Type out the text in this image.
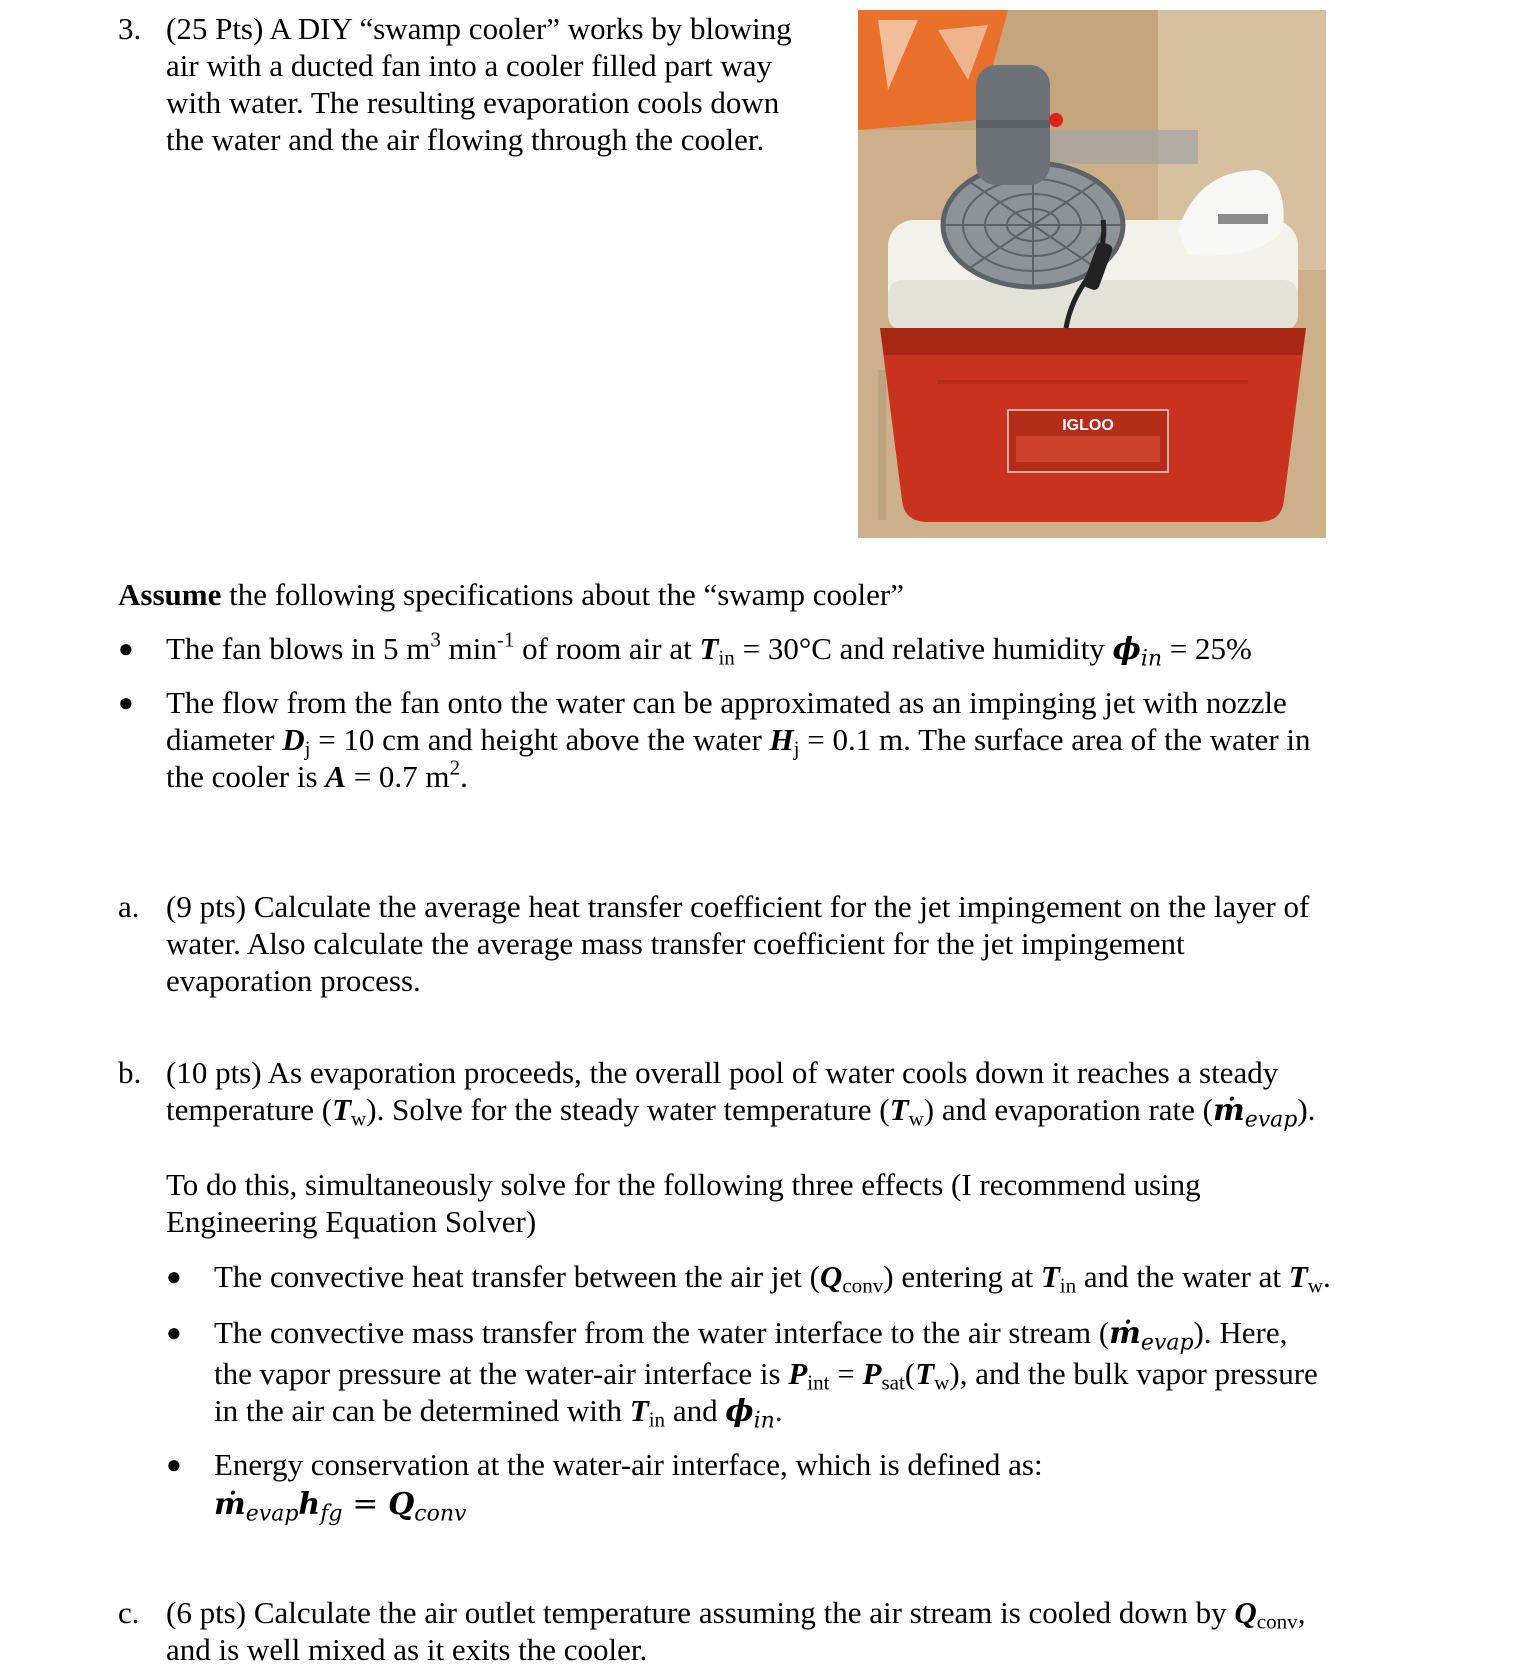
3. (25 Pts) A DIY “swamp cooler” works by blowing
air with a ducted fan into a cooler filled part way
with water. The resulting evaporation cools down
the water and the air flowing through the cooler.
IGLOO
Assume the following specifications about the “swamp cooler”
● The fan blows in 5 $m^3$ $\min^{-1}$ of room air at $T_{in} = 30^\circ C$ and relative humidity $\phi_{in} = 25\%$
● The flow from the fan onto the water can be approximated as an impinging jet with nozzle
diameter $D_j = 10$ cm and height above the water $H_j = 0.1$ m. The surface area of the water in
the cooler is A = 0.7 $m^2$.
a. (9 pts) Calculate the average heat transfer coefficient for the jet impingement on the layer of
water. Also calculate the average mass transfer coefficient for the jet impingement
evaporation process.
b. (10 pts) As evaporation proceeds, the overall pool of water cools down it reaches a steady
temperature $(T_w)$. Solve for the steady water temperature $(T_w)$ and evaporation rate (ṁ$_{evap}$).
To do this, simultaneously solve for the following three effects (I recommend using
Engineering Equation Solver)
● The convective heat transfer between the air jet $(Q_{conv})$ entering at $T_{in}$ and the water at $T_w$.
● The convective mass transfer from the water interface to the air stream (ṁ$_{evap}$). Here,
the vapor pressure at the water-air interface is $P_{int} = P_{sat}(T_w)$, and the bulk vapor pressure
in the air can be determined with $T_{in}$ and $\phi_{in}$.
● Energy conservation at the water-air interface, which is defined as:
$ṁ_{evap}h_{fg} = Q_{conv}$
c. (6 pts) Calculate the air outlet temperature assuming the air stream is cooled down by $Q_{conv}$,
and is well mixed as it exits the cooler.
